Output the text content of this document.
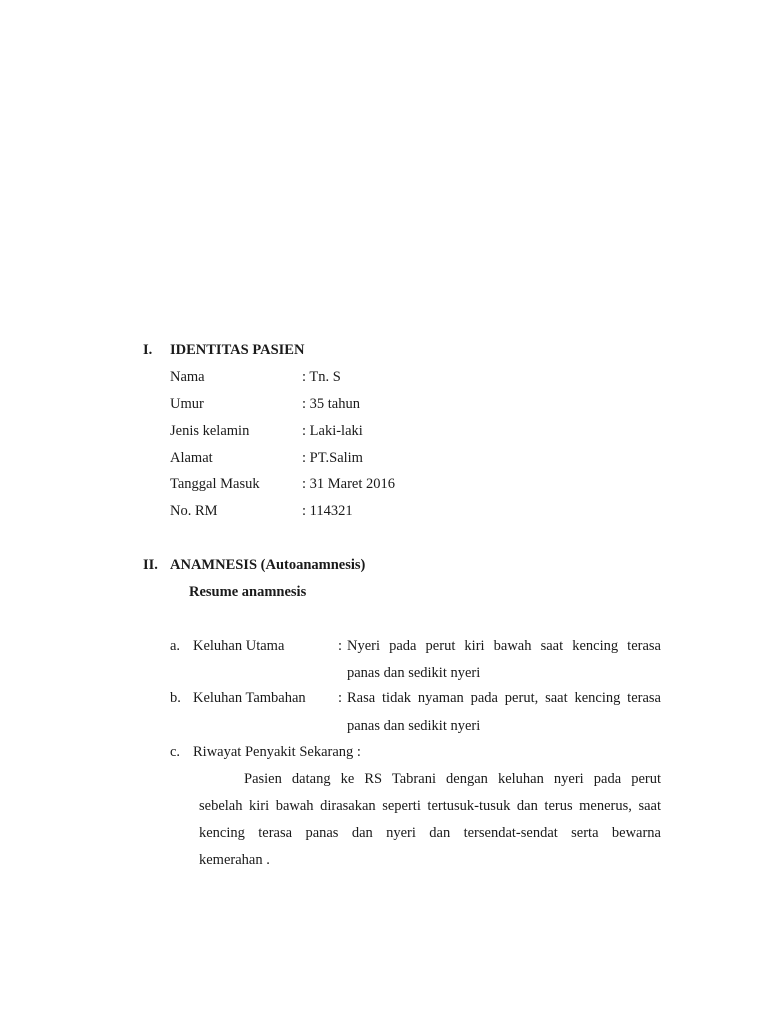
I. IDENTITAS PASIEN
Nama	: Tn. S
Umur	: 35 tahun
Jenis kelamin	: Laki-laki
Alamat	: PT.Salim
Tanggal Masuk	: 31 Maret 2016
No. RM	: 114321
II. ANAMNESIS (Autoanamnesis)
Resume anamnesis
a. Keluhan Utama	: Nyeri pada perut kiri bawah saat kencing terasa
panas dan sedikit nyeri
b. Keluhan Tambahan : Rasa tidak nyaman pada perut, saat kencing terasa
panas dan sedikit nyeri
c. Riwayat Penyakit Sekarang :
Pasien datang ke RS Tabrani dengan keluhan nyeri pada perut
sebelah kiri bawah dirasakan seperti tertusuk-tusuk dan terus menerus, saat
kencing terasa panas dan nyeri dan tersendat-sendat serta bewarna
kemerahan .
